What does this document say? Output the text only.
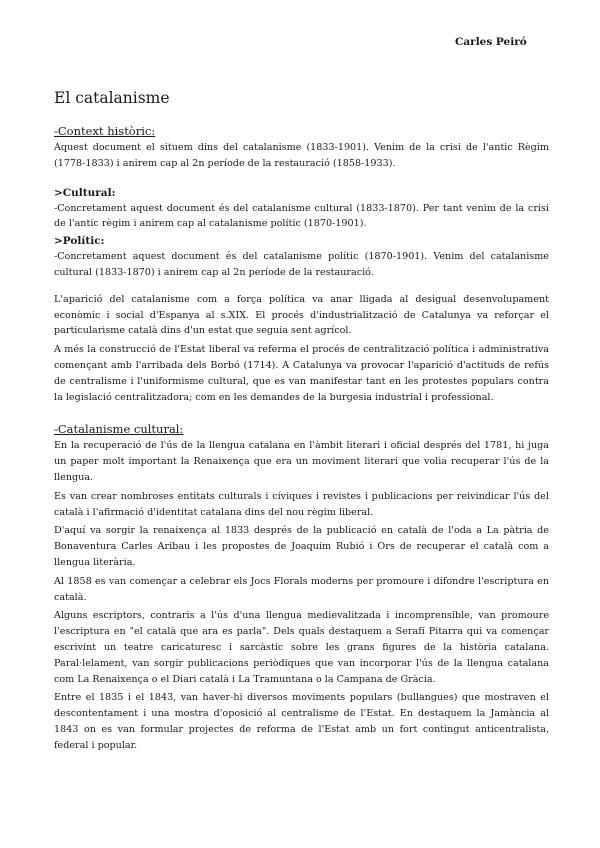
Carles Peiró
El catalanisme
-Context històric:

Aquest document el situem dins del catalanisme (1833-1901). Venim de la crisi de l'antic Règim (1778-1833) i anirem cap al 2n període de la restauració (1858-1933).

>Cultural:

-Concretament aquest document és del catalanisme cultural (1833-1870). Per tant venim de la crisi de l'antic règim i anirem cap al catalanisme polític (1870-1901).

>Polític:

-Concretament aquest document és del catalanisme polític (1870-1901). Venim del catalanisme cultural (1833-1870) i anirem cap al 2n període de la restauració.

L'aparició del catalanisme com a força política va anar lligada al desigual desenvolupament econòmic i social d'Espanya al s.XIX. El procés d'industrialització de Catalunya va reforçar el particularisme català dins d'un estat que seguia sent agrícol.

A més la construcció de l'Estat liberal va referma el procés de centralització política i administrativa començant amb l'arribada dels Borbó (1714). A Catalunya va provocar l'aparició d'actituds de refús de centralisme i l'uniformisme cultural, que es van manifestar tant en les protestes populars contra la legislació centralitzadora; com en les demandes de la burgesia industrial i professional.

-Catalanisme cultural:

En la recuperació de l'ús de la llengua catalana en l'àmbit literari i oficial després del 1781, hi juga un paper molt important la Renaixença que era un moviment literari que volia recuperar l'ús de la llengua.

Es van crear nombroses entitats culturals i cíviques i revistes i publicacions per reivindicar l'ús del català i l'afirmació d'identitat catalana dins del nou règim liberal.

D'aquí va sorgir la renaixença al 1833 després de la publicació en català de l'oda a La pàtria de Bonaventura Carles Aribau i les propostes de Joaquim Rubió i Ors de recuperar el català com a llengua literària.

Al 1858 es van començar a celebrar els Jocs Florals moderns per promoure i difondre l'escriptura en català.

Alguns escriptors, contraris a l'ús d'una llengua medievalitzada i incomprensible, van promoure l'escriptura en "el català que ara es parla". Dels quals destaquem a Serafí Pitarra qui va començar escrivint un teatre caricaturesc i sarcàstic sobre les grans figures de la història catalana. Paral·lelament, van sorgir publicacions periòdiques que van incorporar l'ús de la llengua catalana com La Renaixença o el Diari català i La Tramuntana o la Campana de Gràcia.

Entre el 1835 i el 1843, van haver-hi diversos moviments populars (bullangues) que mostraven el descontentament i una mostra d'oposició al centralisme de l'Estat. En destaquem la Jamància al 1843 on es van formular projectes de reforma de l'Estat amb un fort contingut anticentralista, federal i popular.
